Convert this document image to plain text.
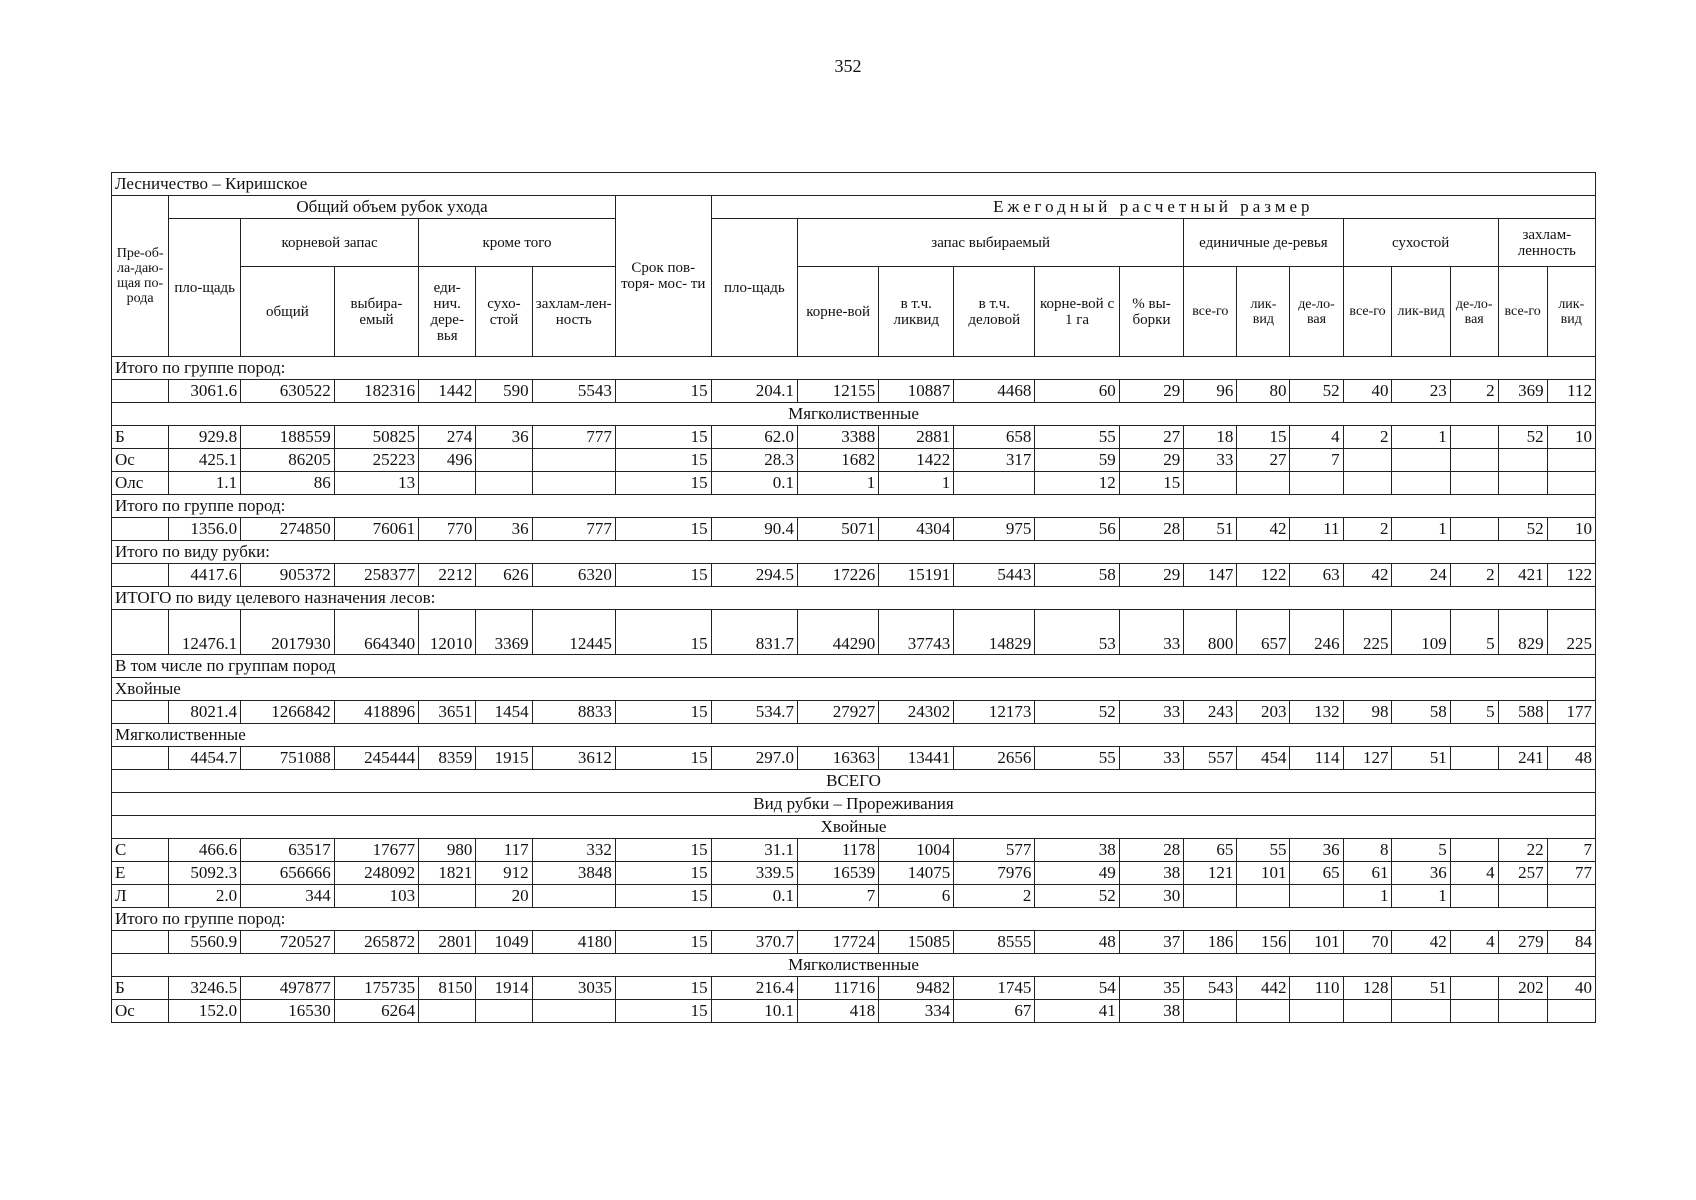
352
Лесничество – Киришское																					
Пре-об-ла-даю-щая по-рода	Общий объем рубок ухода						Срок пов- торя- мос- ти	Ежегодный расчетный размер													
	пло-щадь	корневой запас		кроме того				пло-щадь	запас выбираемый					единичные де-ревья			сухостой			захлам-ленность	
		общий	выбира-емый	еди-нич. дере-вья	сухо-стой	захлам-лен-ность			корне-вой	в т.ч. ликвид	в т.ч. деловой	корне-вой с 1 га	% вы-борки	все-го	лик-вид	де-ло-вая	все-го	лик-вид	де-ло-вая	все-го	лик-вид
Итого по группе пород:																					
	3061.6	630522	182316	1442	590	5543	15	204.1	12155	10887	4468	60	29	96	80	52	40	23	2	369	112
Мягколиственные																					
Б	929.8	188559	50825	274	36	777	15	62.0	3388	2881	658	55	27	18	15	4	2	1		52	10
Ос	425.1	86205	25223	496			15	28.3	1682	1422	317	59	29	33	27	7					
Олс	1.1	86	13				15	0.1	1	1		12	15								
Итого по группе пород:																					
	1356.0	274850	76061	770	36	777	15	90.4	5071	4304	975	56	28	51	42	11	2	1		52	10
Итого по виду рубки:																					
	4417.6	905372	258377	2212	626	6320	15	294.5	17226	15191	5443	58	29	147	122	63	42	24	2	421	122
ИТОГО по виду целевого назначения лесов:																					
	12476.1	2017930	664340	12010	3369	12445	15	831.7	44290	37743	14829	53	33	800	657	246	225	109	5	829	225
В том числе по группам пород																					
Хвойные																					
	8021.4	1266842	418896	3651	1454	8833	15	534.7	27927	24302	12173	52	33	243	203	132	98	58	5	588	177
Мягколиственные																					
	4454.7	751088	245444	8359	1915	3612	15	297.0	16363	13441	2656	55	33	557	454	114	127	51		241	48
ВСЕГО																					
Вид рубки – Прореживания																					
Хвойные																					
С	466.6	63517	17677	980	117	332	15	31.1	1178	1004	577	38	28	65	55	36	8	5		22	7
Е	5092.3	656666	248092	1821	912	3848	15	339.5	16539	14075	7976	49	38	121	101	65	61	36	4	257	77
Л	2.0	344	103		20		15	0.1	7	6	2	52	30				1	1			
Итого по группе пород:																					
	5560.9	720527	265872	2801	1049	4180	15	370.7	17724	15085	8555	48	37	186	156	101	70	42	4	279	84
Мягколиственные																					
Б	3246.5	497877	175735	8150	1914	3035	15	216.4	11716	9482	1745	54	35	543	442	110	128	51		202	40
Ос	152.0	16530	6264				15	10.1	418	334	67	41	38								
